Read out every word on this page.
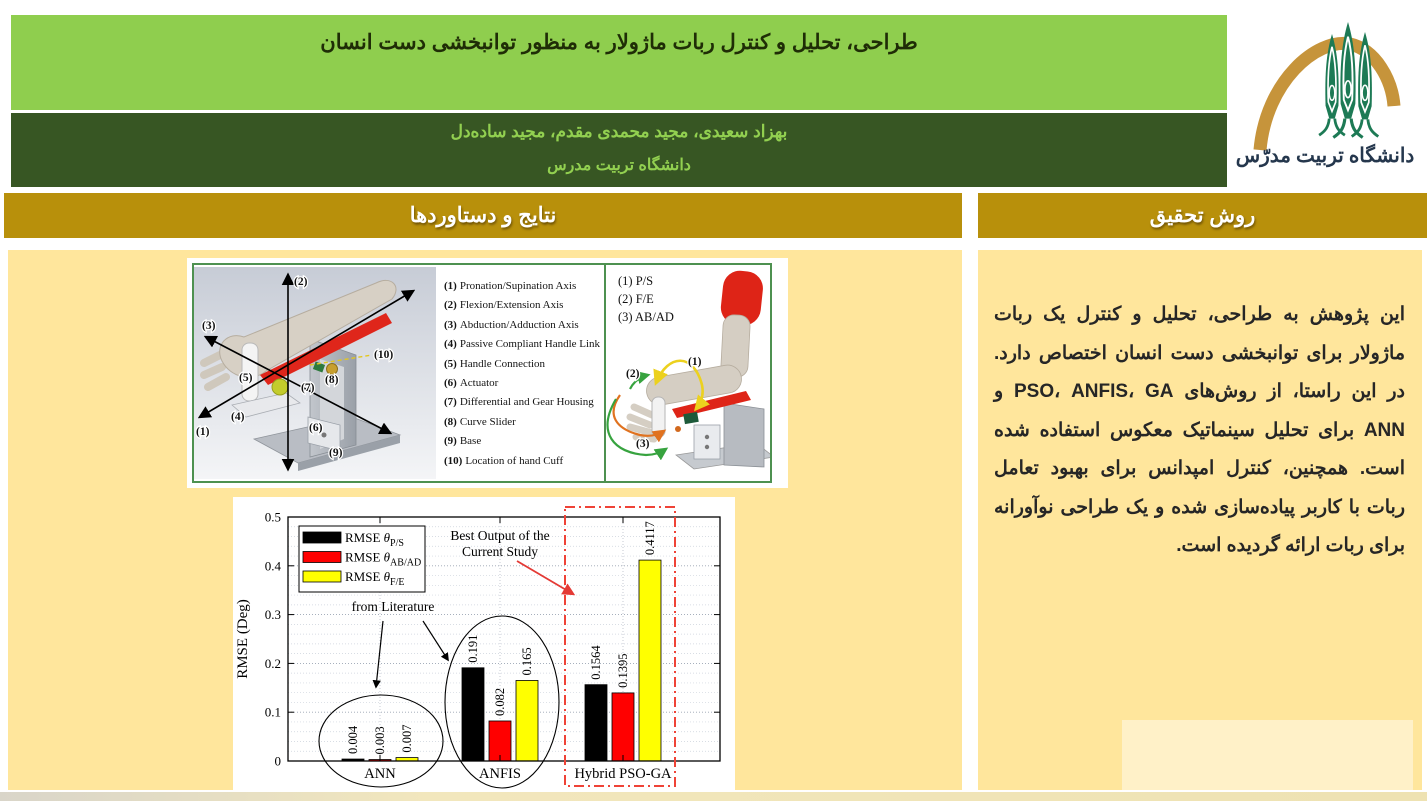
طراحی، تحلیل و کنترل ربات ماژولار به منظور توانبخشی دست انسان
بهزاد سعیدی، مجید محمدی مقدم، مجید ساده‌دل
دانشگاه تربیت مدرس	دانشگاه تربیت مدرّس
نتایج و دستاوردها	روش تحقیق

این پژوهش به طراحی، تحلیل و کنترل یک ربات ماژولار برای توانبخشی دست انسان اختصاص دارد. در این راستا، از روش‌های PSO، ANFIS، GA و ANN برای تحلیل سینماتیک معکوس استفاده شده است. همچنین، کنترل امپدانس برای بهبود تعامل ربات با کاربر پیاده‌سازی شده و یک طراحی نوآورانه برای ربات ارائه گردیده است.

(2)
(3)
(1)
(5)
(4)
(7)
(8)
(6)
(9)
(10)
(1) Pronation/Supination Axis
(2) Flexion/Extension Axis
(3) Abduction/Adduction Axis
(4) Passive Compliant Handle Link
(5) Handle Connection
(6) Actuator
(7) Differential and Gear Housing
(8) Curve Slider
(9) Base
(10) Location of hand Cuff
(1) P/S
(2) F/E
(3) AB/AD
(1)
(2)
(3)
0.004
0.191	0.1564
0.003
0.082
0.1395
0.007
0.165
0.4117
0
0.1
0.2
0.3
0.4
0.5
ANN	ANFIS	Hybrid PSO-GA
RMSE (Deg)
RMSE $\theta_{P/S}$
RMSE $\theta_{AB/AD}$
RMSE $\theta_{F/E}$
from Literature
Best Output of the
Current Study
